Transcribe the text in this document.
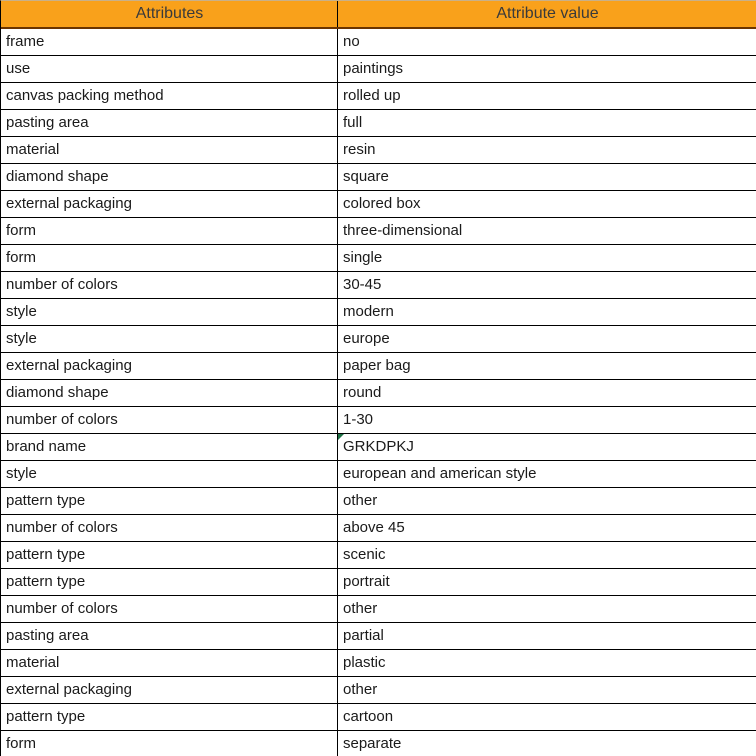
Attributes	Attribute value
frame	no
use	paintings
canvas packing method	rolled up
pasting area	full
material	resin
diamond shape	square
external packaging	colored box
form	three-dimensional
form	single
number of colors	30-45
style	modern
style	europe
external packaging	paper bag
diamond shape	round
number of colors	1-30
brand name	GRKDPKJ
style	european and american style
pattern type	other
number of colors	above 45
pattern type	scenic
pattern type	portrait
number of colors	other
pasting area	partial
material	plastic
external packaging	other
pattern type	cartoon
form	separate
